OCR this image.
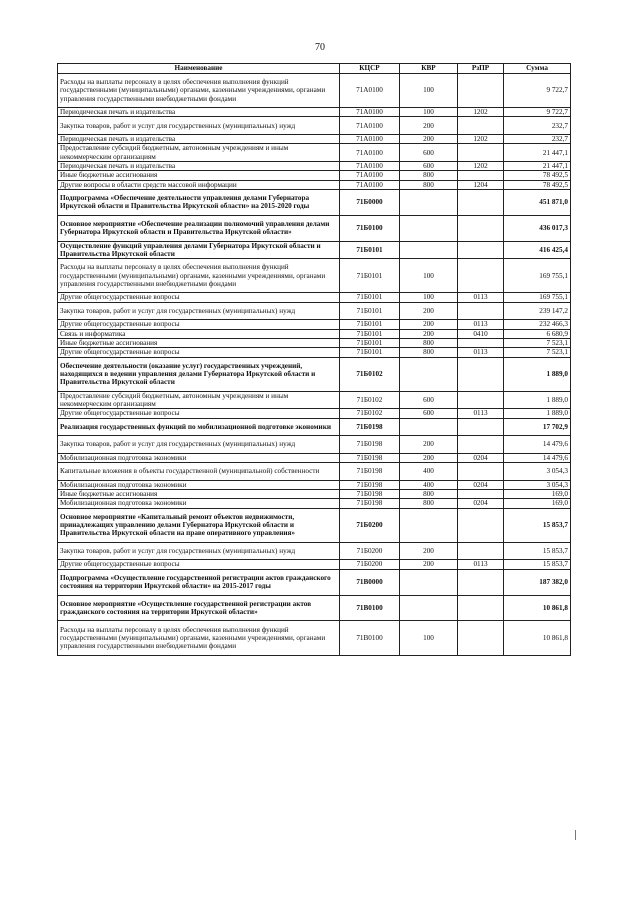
70
Наименование	КЦСР	КВР	РзПР	Сумма
Расходы на выплаты персоналу в целях обеспечения выполнения функций государственными (муниципальными) органами, казенными учреждениями, органами управления государственными внебюджетными фондами	71А0100	100		9 722,7
Периодическая печать и издательства	71А0100	100	1202	9 722,7
Закупка товаров, работ и услуг для государственных (муниципальных) нужд	71А0100	200		232,7
Периодическая печать и издательства	71А0100	200	1202	232,7
Предоставление субсидий бюджетным, автономным учреждениям и иным некоммерческим организациям	71А0100	600		21 447,1
Периодическая печать и издательства	71А0100	600	1202	21 447,1
Иные бюджетные ассигнования	71А0100	800		78 492,5
Другие вопросы в области средств массовой информации	71А0100	800	1204	78 492,5
Подпрограмма «Обеспечение деятельности управления делами Губернатора Иркутской области и Правительства Иркутской области» на 2015-2020 годы	71Б0000			451 871,0
Основное мероприятие «Обеспечение реализации полномочий управления делами Губернатора Иркутской области и Правительства Иркутской области»	71Б0100			436 017,3
Осуществление функций управления делами Губернатора Иркутской области и Правительства Иркутской области	71Б0101			416 425,4
Расходы на выплаты персоналу в целях обеспечения выполнения функций государственными (муниципальными) органами, казенными учреждениями, органами управления государственными внебюджетными фондами	71Б0101	100		169 755,1
Другие общегосударственные вопросы	71Б0101	100	0113	169 755,1
Закупка товаров, работ и услуг для государственных (муниципальных) нужд	71Б0101	200		239 147,2
Другие общегосударственные вопросы	71Б0101	200	0113	232 466,3
Связь и информатика	71Б0101	200	0410	6 680,9
Иные бюджетные ассигнования	71Б0101	800		7 523,1
Другие общегосударственные вопросы	71Б0101	800	0113	7 523,1
Обеспечение деятельности (оказание услуг) государственных учреждений, находящихся в ведении управления делами Губернатора Иркутской области и Правительства Иркутской области	71Б0102			1 889,0
Предоставление субсидий бюджетным, автономным учреждениям и иным некоммерческим организациям	71Б0102	600		1 889,0
Другие общегосударственные вопросы	71Б0102	600	0113	1 889,0
Реализация государственных функций по мобилизационной подготовке экономики	71Б0198			17 702,9
Закупка товаров, работ и услуг для государственных (муниципальных) нужд	71Б0198	200		14 479,6
Мобилизационная подготовка экономики	71Б0198	200	0204	14 479,6
Капитальные вложения в объекты государственной (муниципальной) собственности	71Б0198	400		3 054,3
Мобилизационная подготовка экономики	71Б0198	400	0204	3 054,3
Иные бюджетные ассигнования	71Б0198	800		169,0
Мобилизационная подготовка экономики	71Б0198	800	0204	169,0
Основное мероприятие «Капитальный ремонт объектов недвижимости, принадлежащих управлению делами Губернатора Иркутской области и Правительства Иркутской области на праве оперативного управления»	71Б0200			15 853,7
Закупка товаров, работ и услуг для государственных (муниципальных) нужд	71Б0200	200		15 853,7
Другие общегосударственные вопросы	71Б0200	200	0113	15 853,7
Подпрограмма «Осуществление государственной регистрации актов гражданского состояния на территории Иркутской области» на 2015-2017 годы	71В0000			187 382,0
Основное мероприятие «Осуществление государственной регистрации актов гражданского состояния на территории Иркутской области»	71В0100			10 861,8
Расходы на выплаты персоналу в целях обеспечения выполнения функций государственными (муниципальными) органами, казенными учреждениями, органами управления государственными внебюджетными фондами	71В0100	100		10 861,8
